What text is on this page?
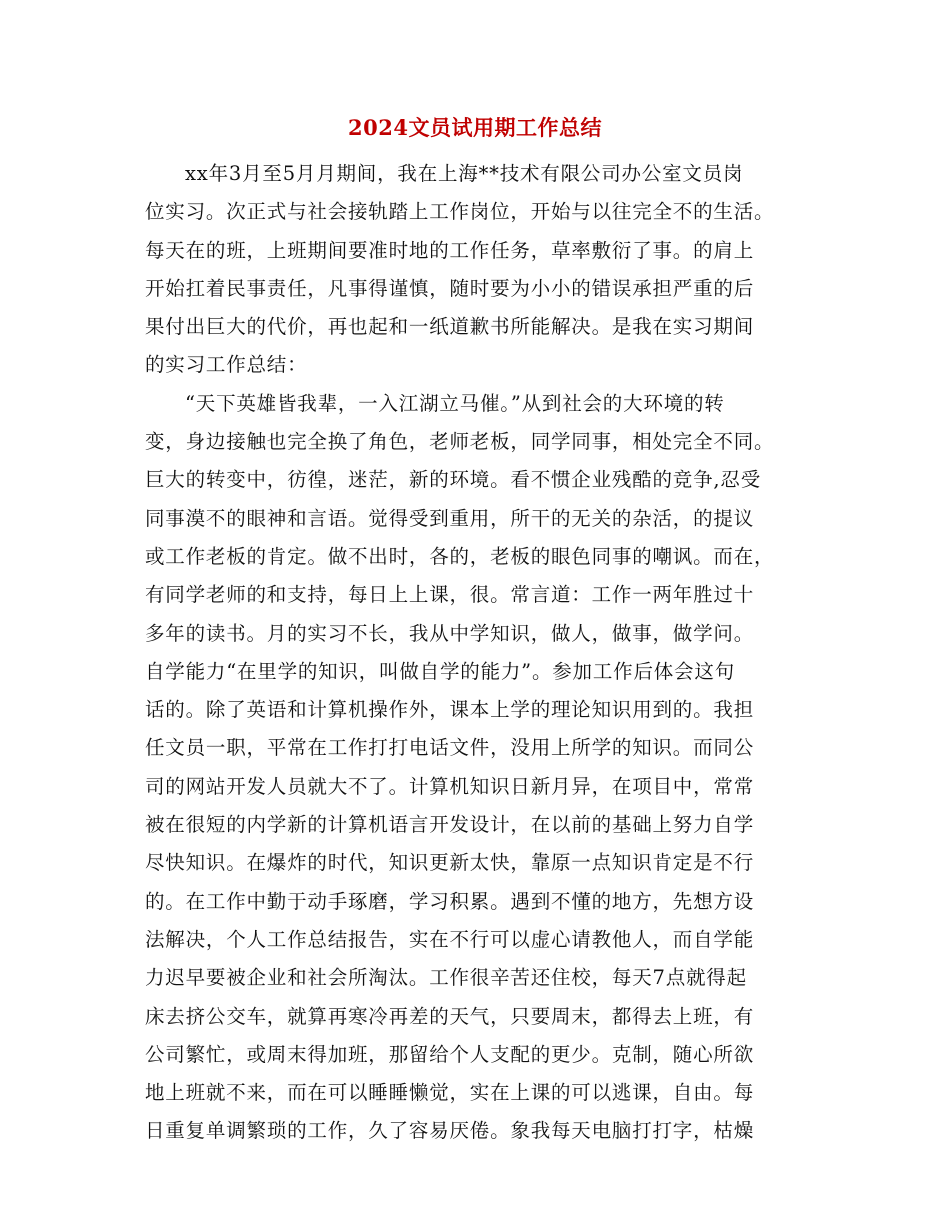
2024文员试用期工作总结
xx年3月至5月月期间，我在上海**技术有限公司办公室文员岗
位实习。次正式与社会接轨踏上工作岗位，开始与以往完全不的生活。
每天在的班，上班期间要准时地的工作任务，草率敷衍了事。的肩上
开始扛着民事责任，凡事得谨慎，随时要为小小的错误承担严重的后
果付出巨大的代价，再也起和一纸道歉书所能解决。是我在实习期间
的实习工作总结：
“天下英雄皆我辈，一入江湖立马催。”从到社会的大环境的转
变，身边接触也完全换了角色，老师老板，同学同事，相处完全不同。
巨大的转变中，彷徨，迷茫，新的环境。看不惯企业残酷的竞争,忍受
同事漠不的眼神和言语。觉得受到重用，所干的无关的杂活，的提议
或工作老板的肯定。做不出时，各的，老板的眼色同事的嘲讽。而在，
有同学老师的和支持，每日上上课，很。常言道：工作一两年胜过十
多年的读书。月的实习不长，我从中学知识，做人，做事，做学问。
自学能力“在里学的知识，叫做自学的能力”。参加工作后体会这句
话的。除了英语和计算机操作外，课本上学的理论知识用到的。我担
任文员一职，平常在工作打打电话文件，没用上所学的知识。而同公
司的网站开发人员就大不了。计算机知识日新月异，在项目中，常常
被在很短的内学新的计算机语言开发设计，在以前的基础上努力自学
尽快知识。在爆炸的时代，知识更新太快，靠原一点知识肯定是不行
的。在工作中勤于动手琢磨，学习积累。遇到不懂的地方，先想方设
法解决，个人工作总结报告，实在不行可以虚心请教他人，而自学能
力迟早要被企业和社会所淘汰。工作很辛苦还住校，每天7点就得起
床去挤公交车，就算再寒冷再差的天气，只要周末，都得去上班，有
公司繁忙，或周末得加班，那留给个人支配的更少。克制，随心所欲
地上班就不来，而在可以睡睡懒觉，实在上课的可以逃课，自由。每
日重复单调繁琐的工作，久了容易厌倦。象我每天电脑打打字，枯燥
